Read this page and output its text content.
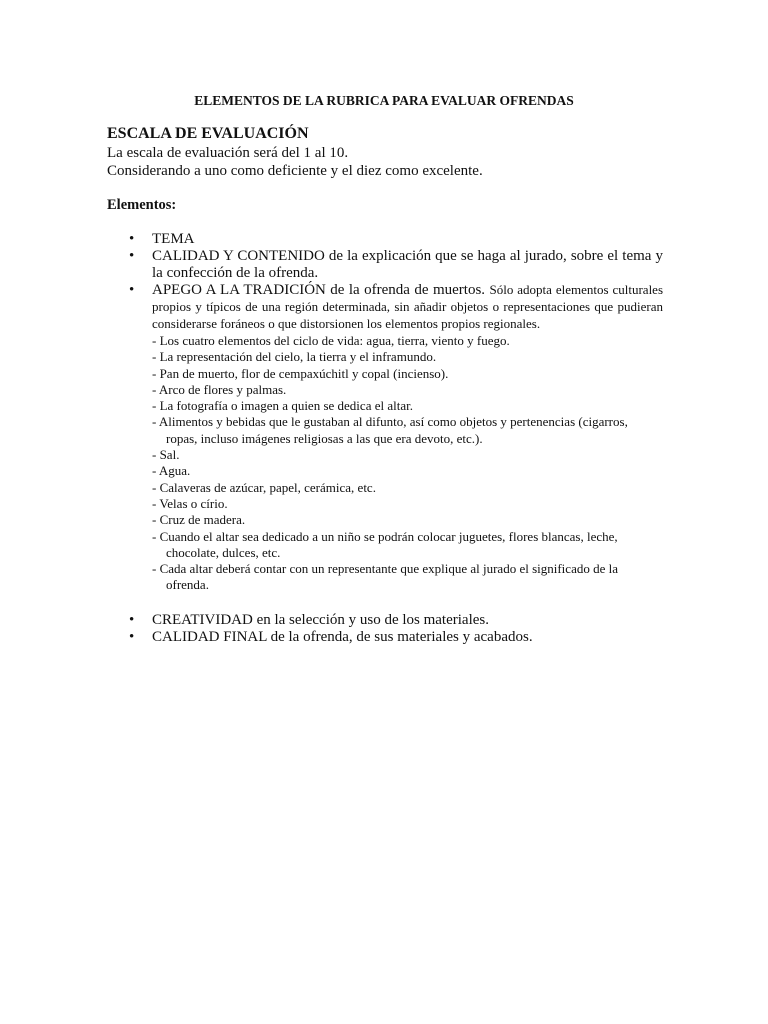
ELEMENTOS DE LA RUBRICA PARA EVALUAR OFRENDAS
ESCALA DE EVALUACIÓN

La escala de evaluación será del 1 al 10.

Considerando a uno como deficiente y el diez como excelente.

Elementos:
•	TEMA
•	CALIDAD Y CONTENIDO de la explicación que se haga al jurado, sobre el tema y la confección de la ofrenda.
•	APEGO A LA TRADICIÓN de la ofrenda de muertos. Sólo adopta elementos culturales propios y típicos de una región determinada, sin añadir objetos o representaciones que pudieran considerarse foráneos o que distorsionen los elementos propios regionales.
- Los cuatro elementos del ciclo de vida: agua, tierra, viento y fuego.
- La representación del cielo, la tierra y el inframundo.
- Pan de muerto, flor de cempaxúchitl y copal (incienso).
- Arco de flores y palmas.
- La fotografía o imagen a quien se dedica el altar.
- Alimentos y bebidas que le gustaban al difunto, así como objetos y pertenencias (cigarros,
ropas, incluso imágenes religiosas a las que era devoto, etc.).
- Sal.
- Agua.
- Calaveras de azúcar, papel, cerámica, etc.
- Velas o círio.
- Cruz de madera.
- Cuando el altar sea dedicado a un niño se podrán colocar juguetes, flores blancas, leche,
chocolate, dulces, etc.
- Cada altar deberá contar con un representante que explique al jurado el significado de la
ofrenda.
•	CREATIVIDAD en la selección y uso de los materiales.
•	CALIDAD FINAL de la ofrenda, de sus materiales y acabados.
